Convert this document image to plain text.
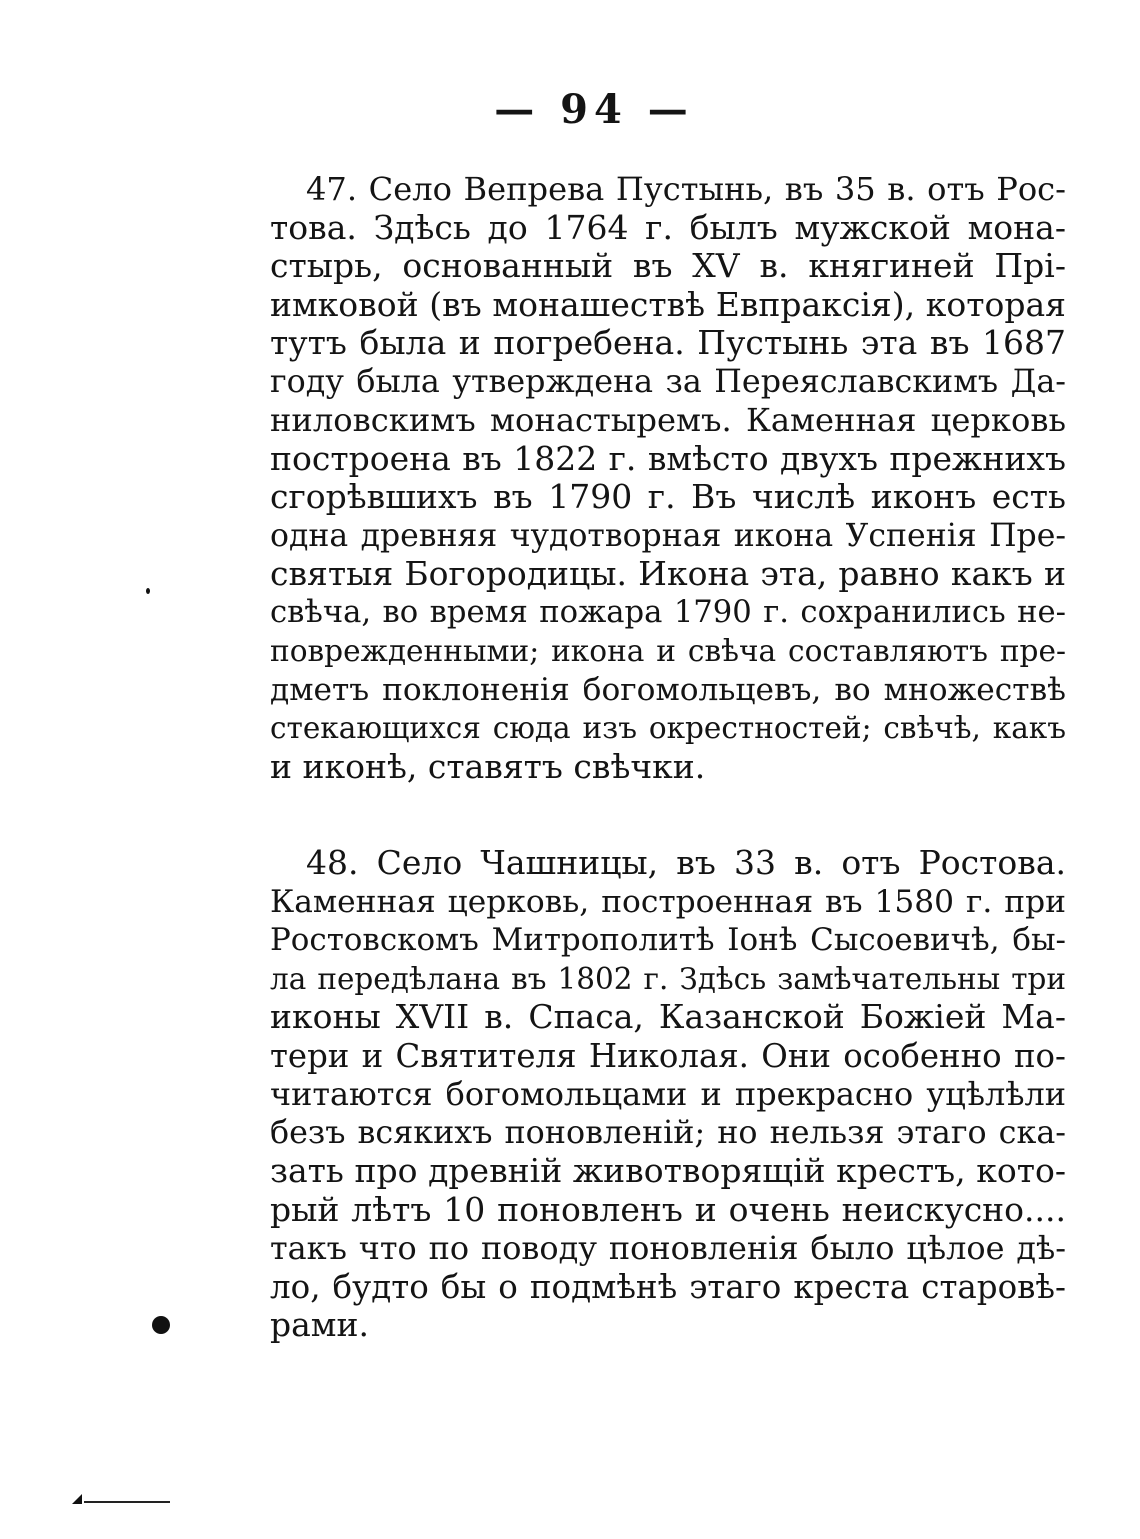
— 94 —
47. Село Вепрева Пустынь, въ 35 в. отъ Рос-
това. Здѣсь до 1764 г. былъ мужской мона-
стырь, основанный въ XV в. княгиней Прі-
имковой (въ монашествѣ Евпраксія), которая
тутъ была и погребена. Пустынь эта въ 1687
году была утверждена за Переяславскимъ Да-
ниловскимъ монастыремъ. Каменная церковь
построена въ 1822 г. вмѣсто двухъ прежнихъ
сгорѣвшихъ въ 1790 г. Въ числѣ иконъ есть
одна древняя чудотворная икона Успенія Пре-
святыя Богородицы. Икона эта, равно какъ и
свѣча, во время пожара 1790 г. сохранились не-
поврежденными; икона и свѣча составляютъ пре-
дметъ поклоненія богомольцевъ, во множествѣ
стекающихся сюда изъ окрестностей; свѣчѣ, какъ
и иконѣ, ставятъ свѣчки.
48. Село Чашницы, въ 33 в. отъ Ростова.
Каменная церковь, построенная въ 1580 г. при
Ростовскомъ Митрополитѣ Іонѣ Сысоевичѣ, бы-
ла передѣлана въ 1802 г. Здѣсь замѣчательны три
иконы XVII в. Спаса, Казанской Божіей Ма-
тери и Святителя Николая. Они особенно по-
читаются богомольцами и прекрасно уцѣлѣли
безъ всякихъ поновленій; но нельзя этаго ска-
зать про древній животворящій крестъ, кото-
рый лѣтъ 10 поновленъ и очень неискусно....
такъ что по поводу поновленія было цѣлое дѣ-
ло, будто бы о подмѣнѣ этаго креста старовѣ-
рами.
